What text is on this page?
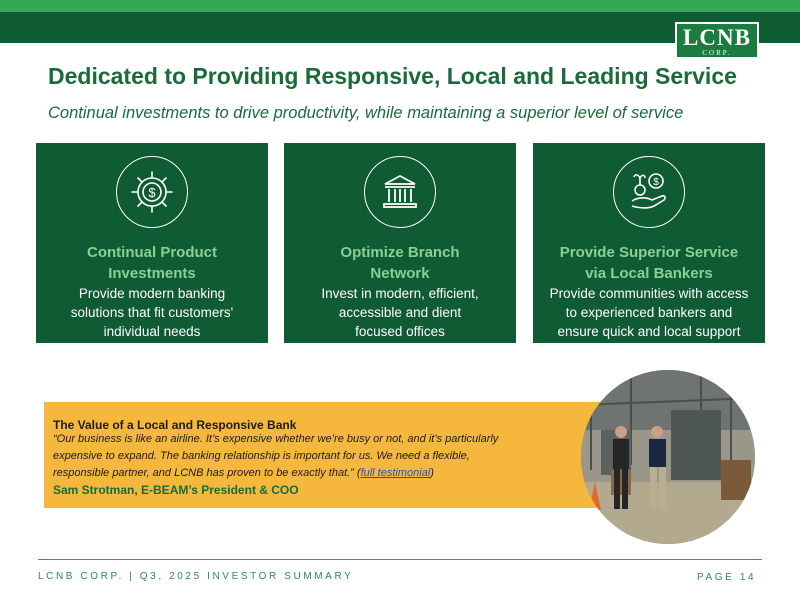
LCNB
CORP.
Dedicated to Providing Responsive, Local and Leading Service
Continual investments to drive productivity, while maintaining a superior level of service
$
Continual Product
Investments
Provide modern banking
solutions that fit customers'
individual needs
Optimize Branch
Network
Invest in modern, efficient,
accessible and dient
focused offices
$
Provide Superior Service
via Local Bankers
Provide communities with access
to experienced bankers and
ensure quick and local support
The Value of a Local and Responsive Bank
“Our business is like an airline. It’s expensive whether we’re busy or not, and it’s particularly
expensive to expand. The banking relationship is important for us. We need a flexible,
responsible partner, and LCNB has proven to be exactly that.” (full testimonial)
Sam Strotman, E-BEAM’s President & COO
LCNB CORP. | Q3, 2025 INVESTOR SUMMARY	PAGE 14
